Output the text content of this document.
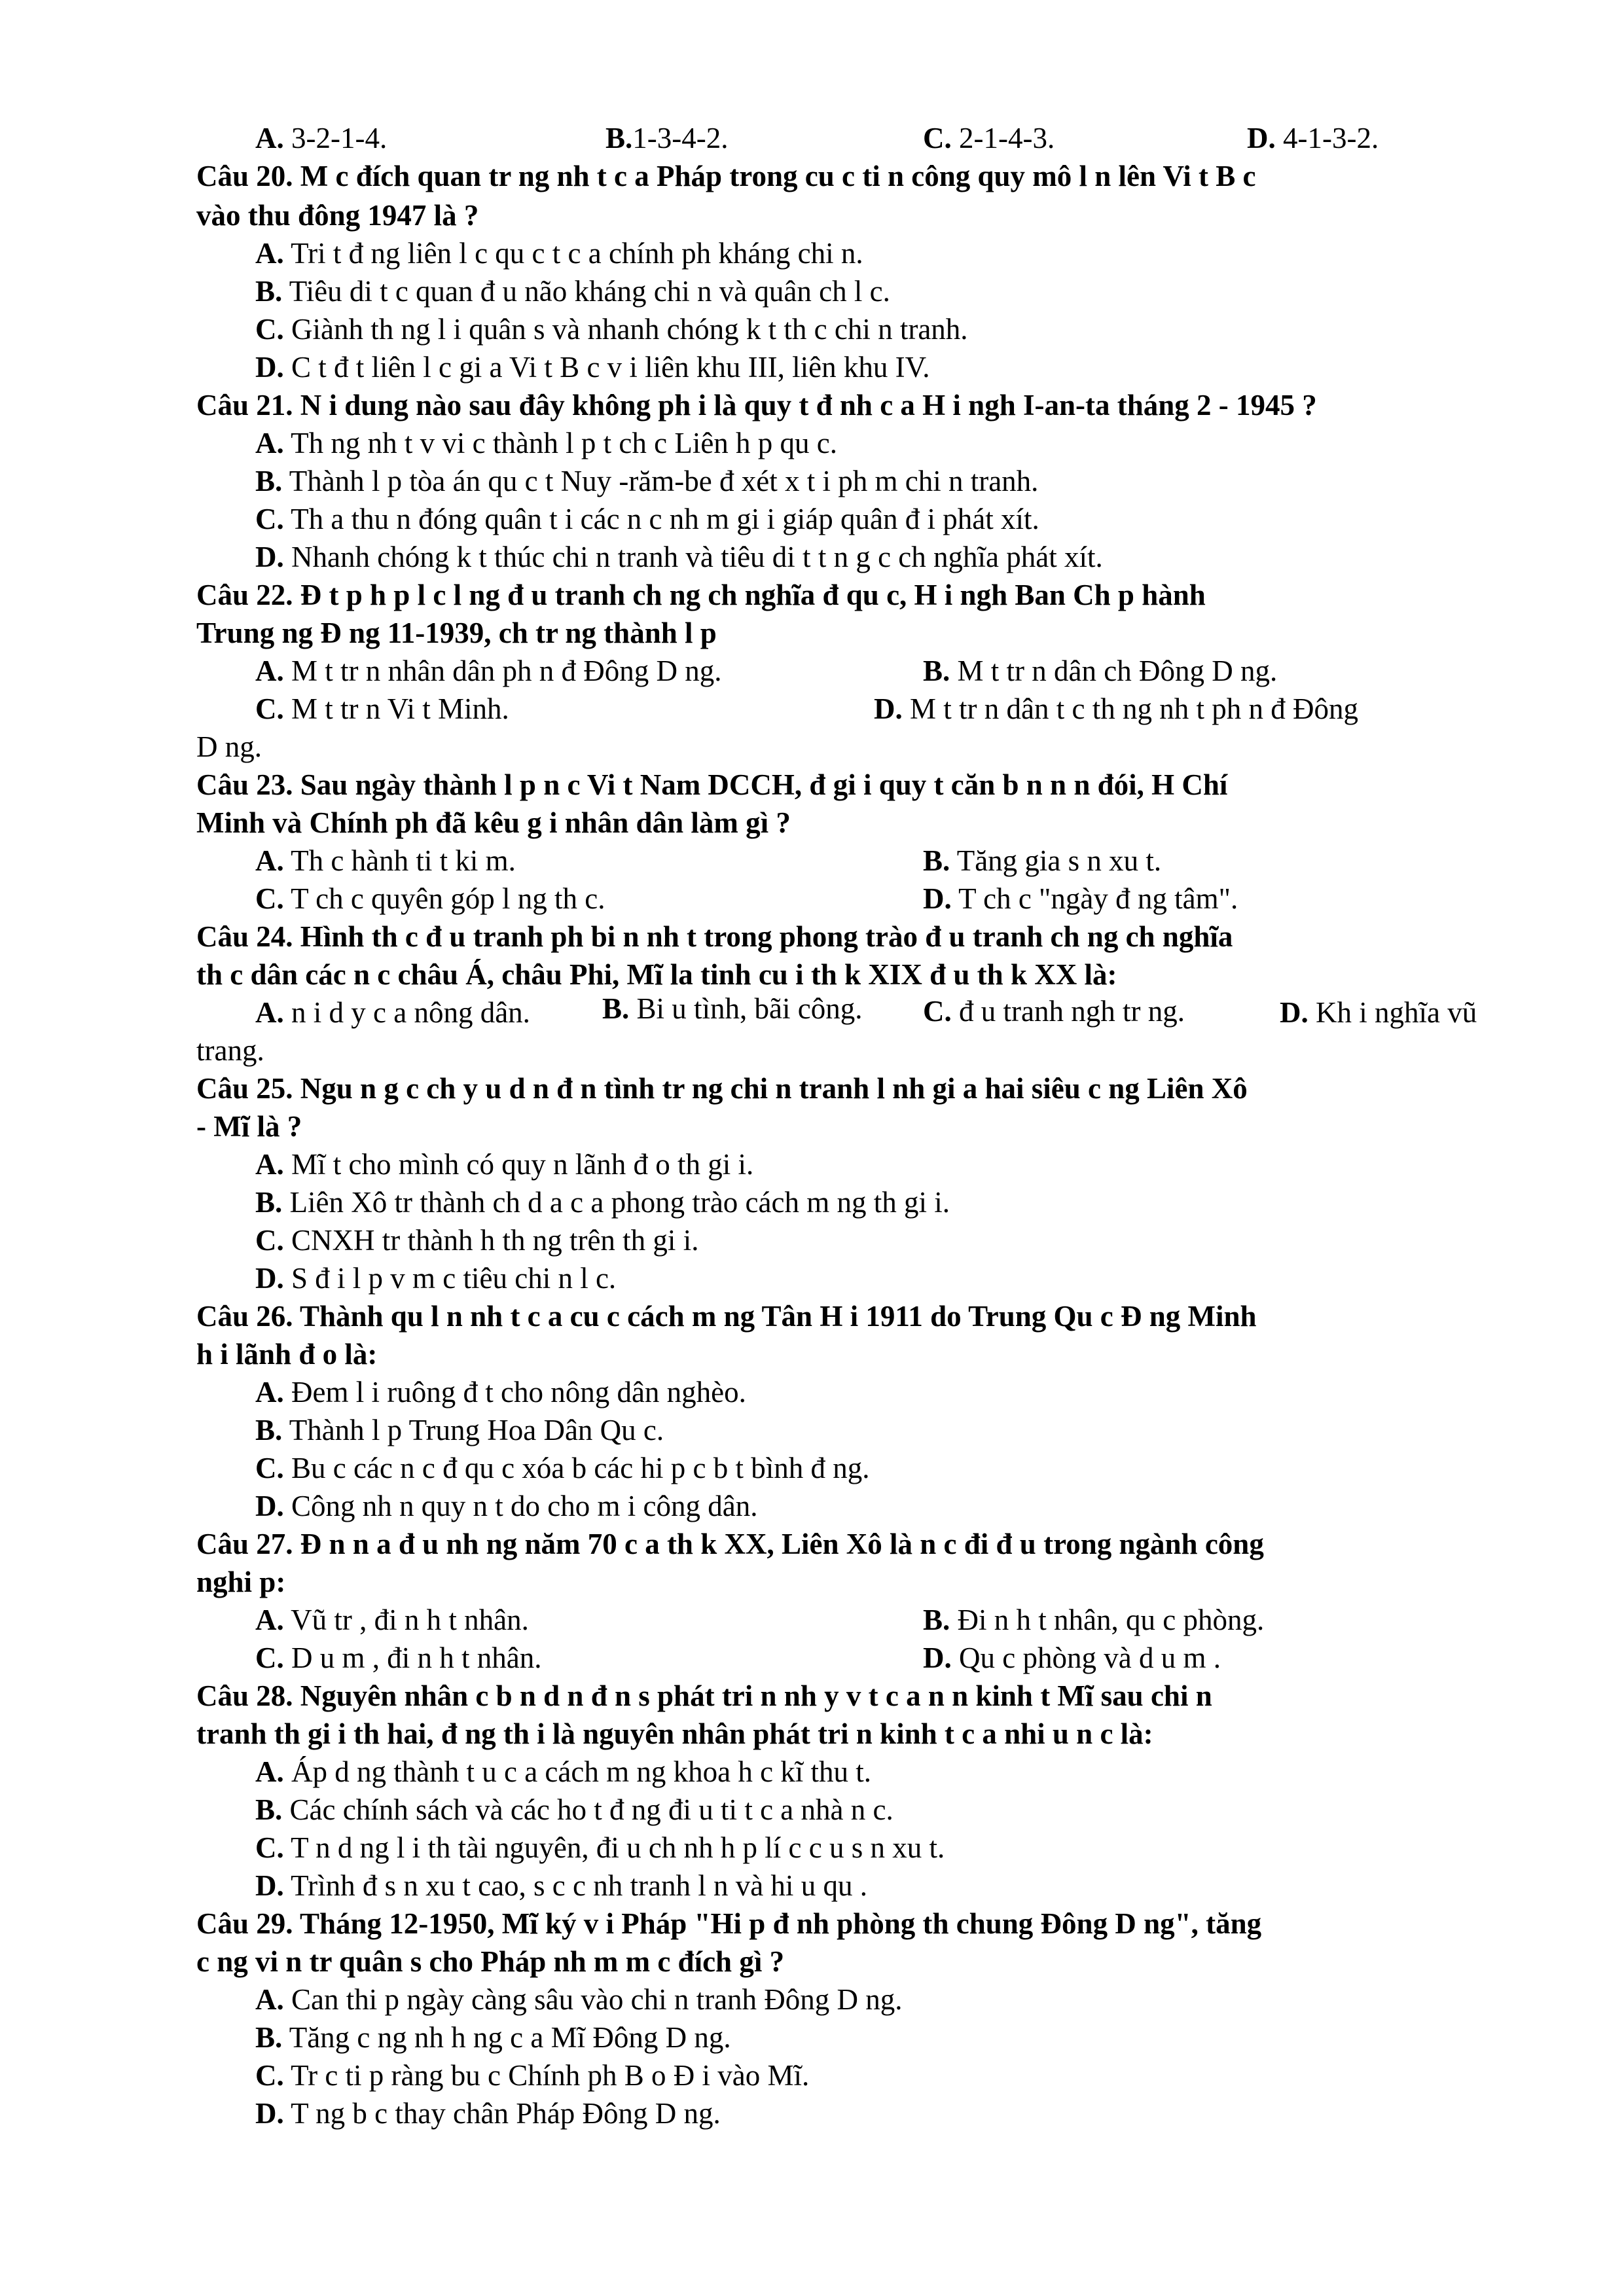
A. 3-2-1-4.	B.1-3-4-2.	C. 2-1-4-3.	D. 4-1-3-2.
Câu 20. M c đích quan tr ng nh t c a Pháp trong cu c ti n công quy mô l n lên Vi t B c
vào thu đông 1947 là ?
A. Tri t đ ng liên l c qu c t c a chính ph kháng chi n.
B. Tiêu di t c quan đ u não kháng chi n và quân ch l c.
C. Giành th ng l i quân s và nhanh chóng k t th c chi n tranh.
D. C t đ t liên l c gi a Vi t B c v i liên khu III, liên khu IV.
Câu 21. N i dung nào sau đây không ph i là quy t đ nh c a H i ngh I-an-ta tháng 2 - 1945 ?
A. Th ng nh t v vi c thành l p t ch c Liên h p qu c.
B. Thành l p tòa án qu c t Nuy -răm-be đ xét x t i ph m chi n tranh.
C. Th a thu n đóng quân t i các n c nh m gi i giáp quân đ i phát xít.
D. Nhanh chóng k t thúc chi n tranh và tiêu di t t n g c ch nghĩa phát xít.
Câu 22. Đ t p h p l c l ng đ u tranh ch ng ch nghĩa đ qu c, H i ngh Ban Ch p hành
Trung ng Đ ng 11-1939, ch tr ng thành l p
A. M t tr n nhân dân ph n đ Đông D ng.	B. M t tr n dân ch Đông D ng.
C. M t tr n Vi t Minh.	D. M t tr n dân t c th ng nh t ph n đ Đông
D ng.
Câu 23. Sau ngày thành l p n c Vi t Nam DCCH, đ gi i quy t căn b n n n đói, H Chí
Minh và Chính ph đã kêu g i nhân dân làm gì ?
A. Th c hành ti t ki m.	B. Tăng gia s n xu t.
C. T ch c quyên góp l ng th c.	D. T ch c "ngày đ ng tâm".
Câu 24. Hình th c đ u tranh ph bi n nh t trong phong trào đ u tranh ch ng ch nghĩa
th c dân các n c châu Á, châu Phi, Mĩ la tinh cu i th k XIX đ u th k XX là:
A. n i d y c a nông dân. B. Bi u tình, bãi công. C. đ u tranh ngh tr ng.	D. Kh i nghĩa vũ
trang.
Câu 25. Ngu n g c ch y u d n đ n tình tr ng chi n tranh l nh gi a hai siêu c ng Liên Xô
- Mĩ là ?
A. Mĩ t cho mình có quy n lãnh đ o th gi i.
B. Liên Xô tr thành ch d a c a phong trào cách m ng th gi i.
C. CNXH tr thành h th ng trên th gi i.
D. S đ i l p v m c tiêu chi n l c.
Câu 26. Thành qu l n nh t c a cu c cách m ng Tân H i 1911 do Trung Qu c Đ ng Minh
h i lãnh đ o là:
A. Đem l i ruông đ t cho nông dân nghèo.
B. Thành l p Trung Hoa Dân Qu c.
C. Bu c các n c đ qu c xóa b các hi p c b t bình đ ng.
D. Công nh n quy n t do cho m i công dân.
Câu 27. Đ n n a đ u nh ng năm 70 c a th k XX, Liên Xô là n c đi đ u trong ngành công
nghi p:
A. Vũ tr , đi n h t nhân.	B. Đi n h t nhân, qu c phòng.
C. D u m , đi n h t nhân.	D. Qu c phòng và d u m .
Câu 28. Nguyên nhân c b n d n đ n s phát tri n nh y v t c a n n kinh t Mĩ sau chi n
tranh th gi i th hai, đ ng th i là nguyên nhân phát tri n kinh t c a nhi u n c là:
A. Áp d ng thành t u c a cách m ng khoa h c kĩ thu t.
B. Các chính sách và các ho t đ ng đi u ti t c a nhà n c.
C. T n d ng l i th tài nguyên, đi u ch nh h p lí c c u s n xu t.
D. Trình đ s n xu t cao, s c c nh tranh l n và hi u qu .
Câu 29. Tháng 12-1950, Mĩ ký v i Pháp "Hi p đ nh phòng th chung Đông D ng", tăng
c ng vi n tr quân s cho Pháp nh m m c đích gì ?
A. Can thi p ngày càng sâu vào chi n tranh Đông D ng.
B. Tăng c ng nh h ng c a Mĩ Đông D ng.
C. Tr c ti p ràng bu c Chính ph B o Đ i vào Mĩ.
D. T ng b c thay chân Pháp Đông D ng.
